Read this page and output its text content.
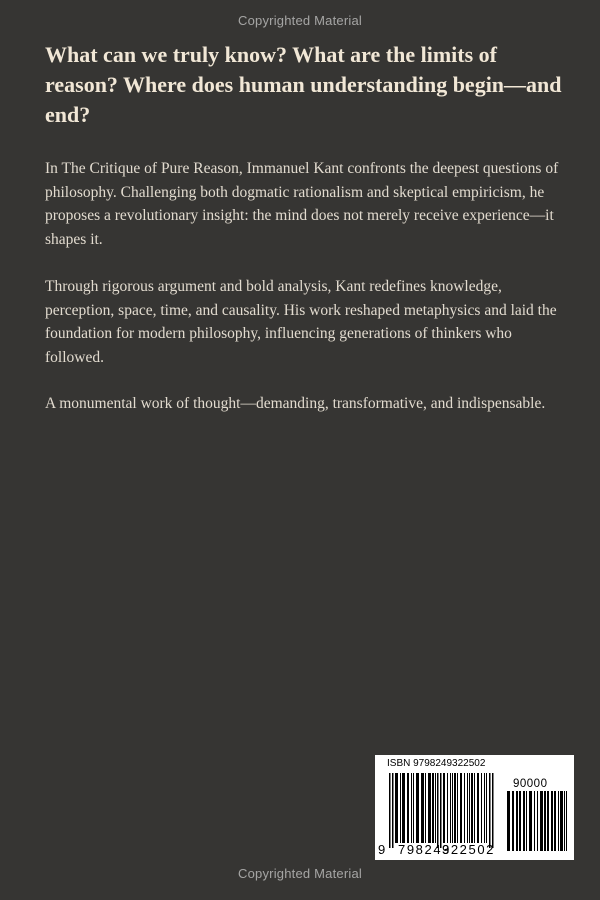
Copyrighted Material
What can we truly know? What are the limits of reason? Where does human understanding begin—and end?

In The Critique of Pure Reason, Immanuel Kant confronts the deepest questions of philosophy. Challenging both dogmatic rationalism and skeptical empiricism, he proposes a revolutionary insight: the mind does not merely receive experience—it shapes it.

Through rigorous argument and bold analysis, Kant redefines knowledge, perception, space, time, and causality. His work reshaped metaphysics and laid the foundation for modern philosophy, influencing generations of thinkers who followed.

A monumental work of thought—demanding, transformative, and indispensable.

ISBN 9798249322502
90000
9 798249
322502
Copyrighted Material
